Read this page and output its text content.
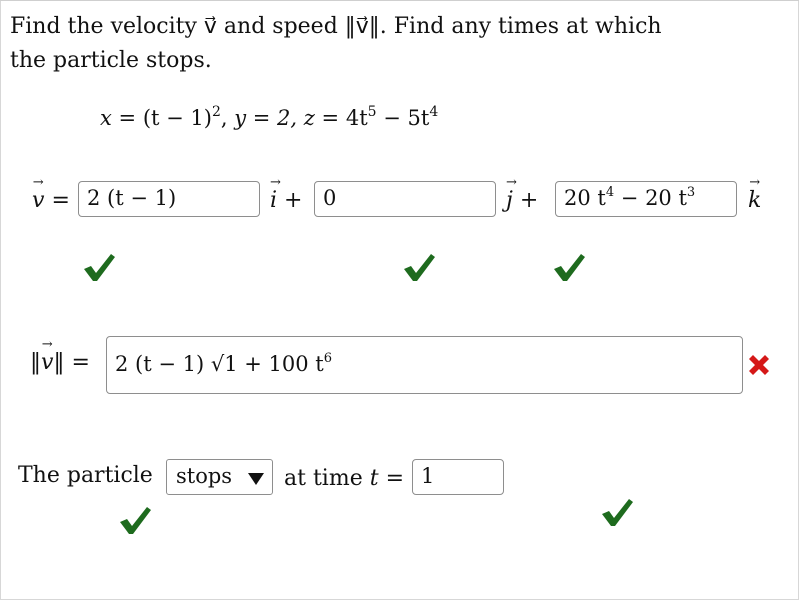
Find the velocity v⃗ and speed ‖v⃗‖. Find any times at which
the particle stops.
$x = (t - 1)^2$, y = 2, $z = 4t^5 - 5t^4$
→
v = 2 (t − 1)
→
i + 0
→
j +	20 $t^4 - 20$ $t^3$
→
k
‖
→
v‖ =	2 (t − 1) √1 + 100 $t^6$
The particle	stops	at time t = 1
